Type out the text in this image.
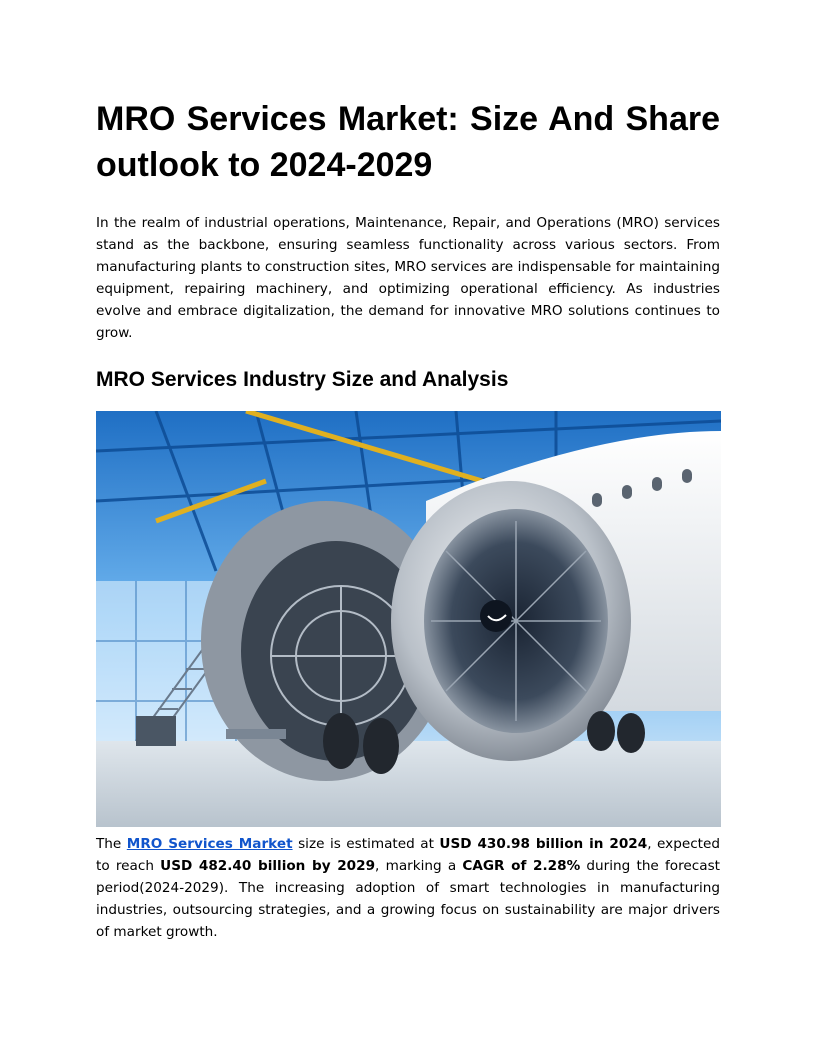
MRO Services Market: Size And Share outlook to 2024-2029

In the realm of industrial operations, Maintenance, Repair, and Operations (MRO) services stand as the backbone, ensuring seamless functionality across various sectors. From manufacturing plants to construction sites, MRO services are indispensable for maintaining equipment, repairing machinery, and optimizing operational efficiency. As industries evolve and embrace digitalization, the demand for innovative MRO solutions continues to grow.

MRO Services Industry Size and Analysis

The MRO Services Market size is estimated at USD 430.98 billion in 2024, expected to reach USD 482.40 billion by 2029, marking a CAGR of 2.28% during the forecast period(2024-2029). The increasing adoption of smart technologies in manufacturing industries, outsourcing strategies, and a growing focus on sustainability are major drivers of market growth.
